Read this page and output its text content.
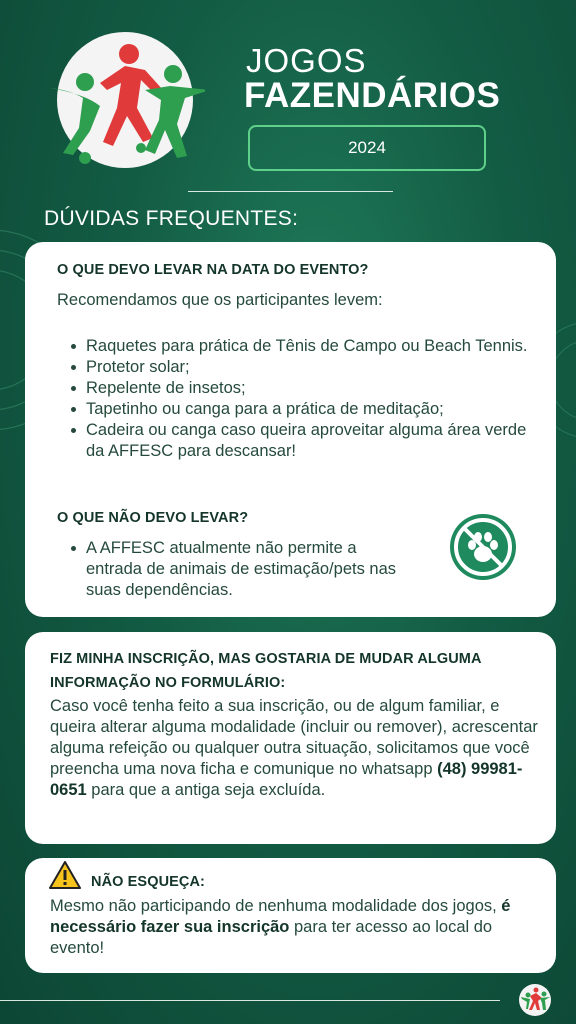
JOGOS
FAZENDÁRIOS
2024
DÚVIDAS FREQUENTES:
O QUE DEVO LEVAR NA DATA DO EVENTO?
Recomendamos que os participantes levem:
Raquetes para prática de Tênis de Campo ou Beach Tennis.
Protetor solar;
Repelente de insetos;
Tapetinho ou canga para a prática de meditação;
Cadeira ou canga caso queira aproveitar alguma área verde da AFFESC para descansar!
O QUE NÃO DEVO LEVAR?
A AFFESC atualmente não permite a entrada de animais de estimação/pets nas suas dependências.
FIZ MINHA INSCRIÇÃO, MAS GOSTARIA DE MUDAR ALGUMA INFORMAÇÃO NO FORMULÁRIO:
Caso você tenha feito a sua inscrição, ou de algum familiar, e queira alterar alguma modalidade (incluir ou remover), acrescentar alguma refeição ou qualquer outra situação, solicitamos que você preencha uma nova ficha e comunique no whatsapp (48) 99981-0651 para que a antiga seja excluída.
NÃO ESQUEÇA:
Mesmo não participando de nenhuma modalidade dos jogos, é necessário fazer sua inscrição para ter acesso ao local do evento!
